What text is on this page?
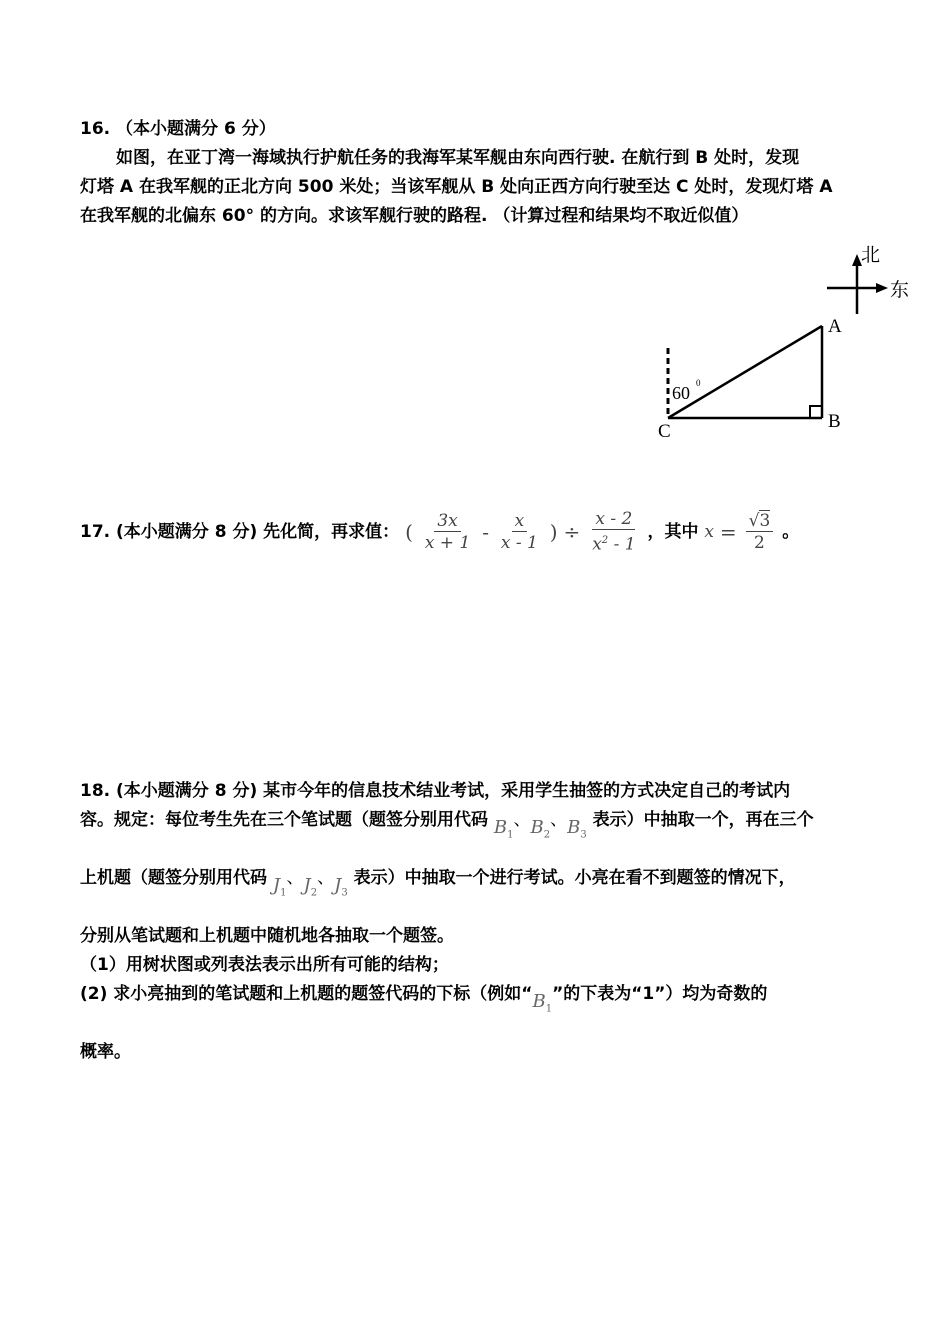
16. （本小题满分 6 分）
如图，在亚丁湾一海域执行护航任务的我海军某军舰由东向西行驶. 在航行到 B 处时，发现
灯塔 A 在我军舰的正北方向 500 米处；当该军舰从 B 处向正西方向行驶至达 C 处时，发现灯塔 A
在我军舰的北偏东 60° 的方向。求该军舰行驶的路程. （计算过程和结果均不取近似值）
北
东
A
B
C
60 0
17. (本小题满分 8 分) 先化简，再求值： ( $\frac{3x}{x + 1} - \frac{x}{x - 1}$ ) ÷ $\frac{x - 2}{x^2 - 1}$ ，其中 $x = \frac{√3}{2}$ 。
18. (本小题满分 8 分) 某市今年的信息技术结业考试，采用学生抽签的方式决定自己的考试内
容。规定：每位考生先在三个笔试题（题签分别用代码 $B_1$、$B_2$、$B_3$ 表示）中抽取一个，再在三个
上机题（题签分别用代码 $J_1$、$J_2$、$J_3$ 表示）中抽取一个进行考试。小亮在看不到题签的情况下，
分别从笔试题和上机题中随机地各抽取一个题签。
（1）用树状图或列表法表示出所有可能的结构；
(2) 求小亮抽到的笔试题和上机题的题签代码的下标（例如“$B_1$”的下表为“1”）均为奇数的
概率。
